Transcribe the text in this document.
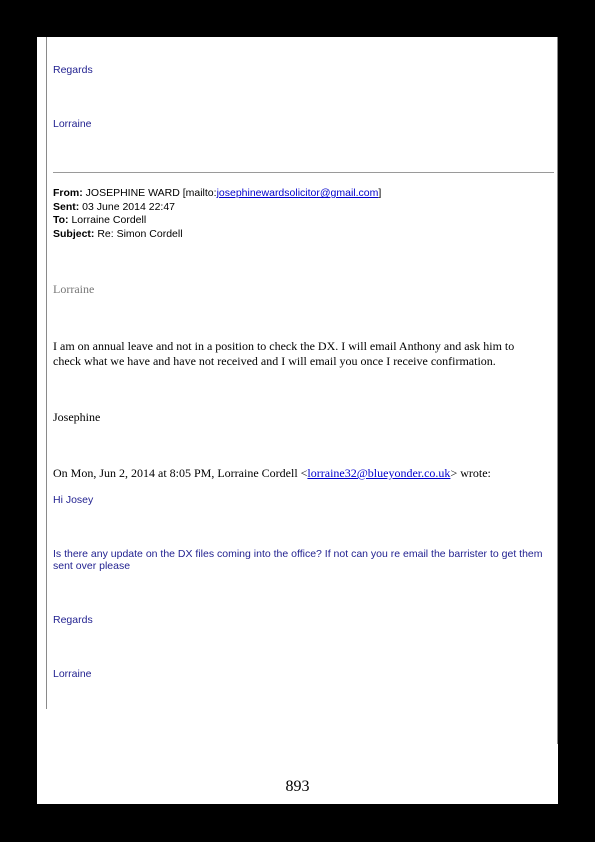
Regards
Lorraine
From: JOSEPHINE WARD [mailto:josephinewardsolicitor@gmail.com]
Sent: 03 June 2014 22:47
To: Lorraine Cordell
Subject: Re: Simon Cordell
Lorraine
I am on annual leave and not in a position to check the DX. I will email Anthony and ask him to
check what we have and have not received and I will email you once I receive confirmation.
Josephine
On Mon, Jun 2, 2014 at 8:05 PM, Lorraine Cordell <lorraine32@blueyonder.co.uk> wrote:
Hi Josey
Is there any update on the DX files coming into the office? If not can you re email the barrister to get them
sent over please
Regards
Lorraine
893
